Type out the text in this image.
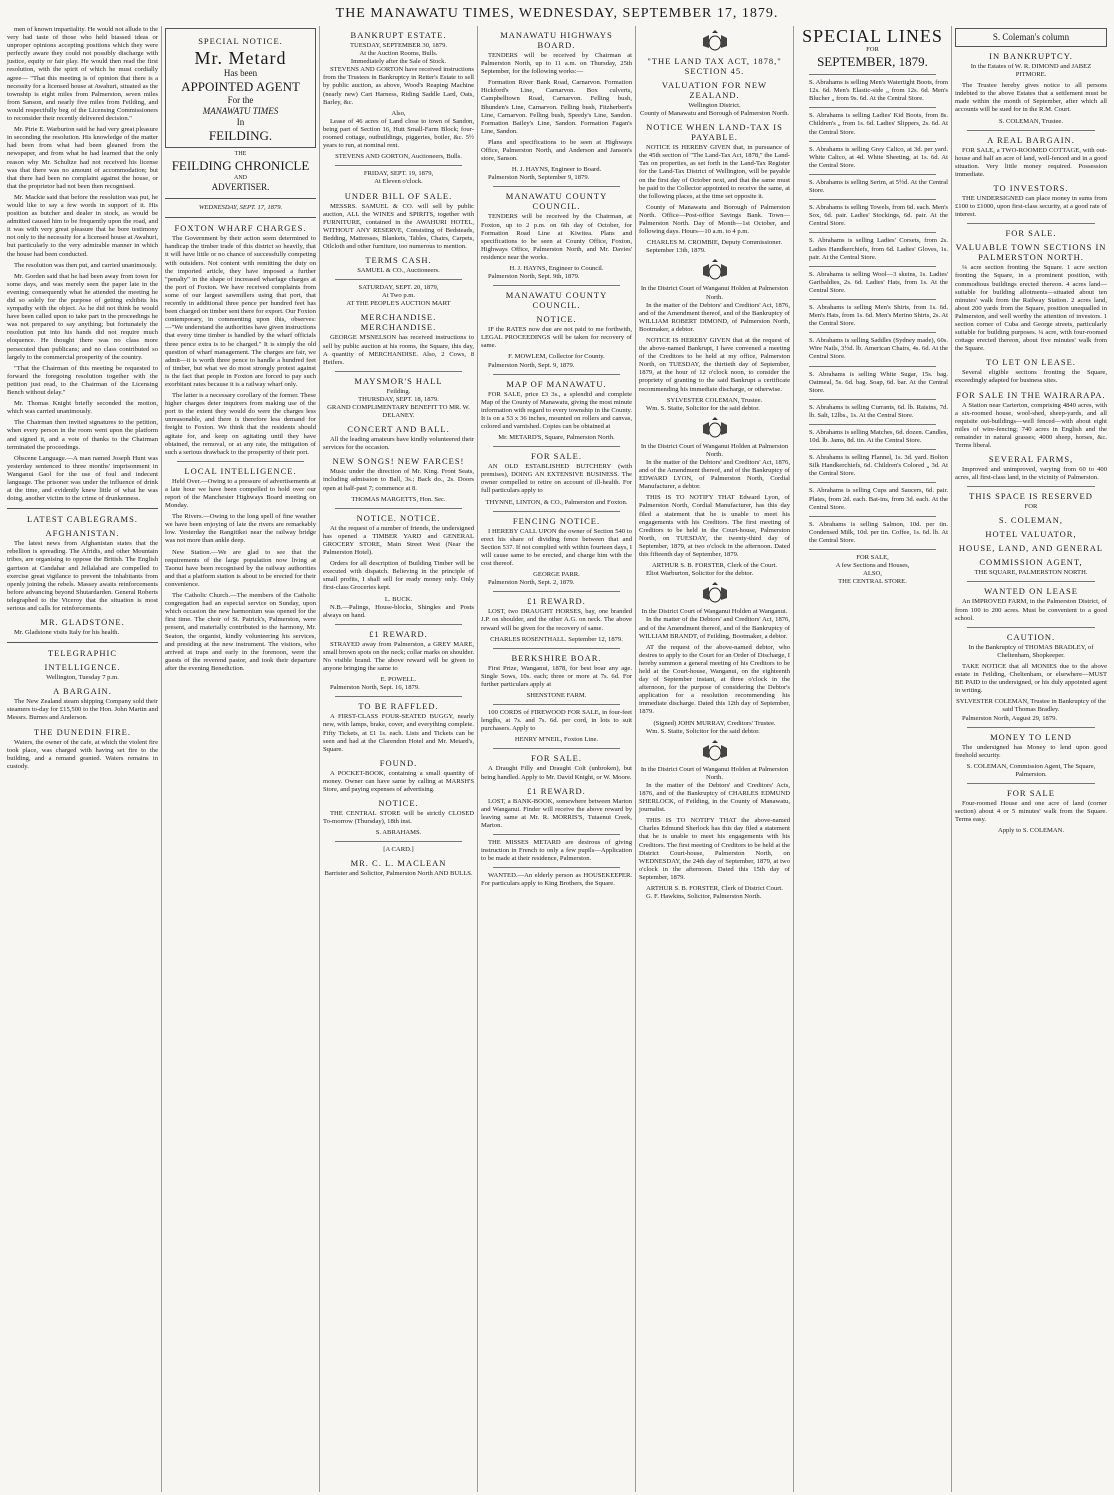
THE MANAWATU TIMES, WEDNESDAY, SEPTEMBER 17, 1879.

men of known impartiality. He would not allude to the very bad taste of those who held biassed ideas or unproper opinions accepting positions which they were perfectly aware they could not possibly discharge with justice, equity or fair play. He would then read the first resolution, with the spirit of which he must cordially agree— "That this meeting is of opinion that there is a necessity for a licensed house at Awahuri, situated as the township is eight miles from Palmerston, seven miles from Sanson, and nearly five miles from Feilding, and would respectfully beg of the Licensing Commissioners to reconsider their recently delivered decision."

Mr. Pirie E. Warburton said he had very great pleasure in seconding the resolution. His knowledge of the matter had been from what had been gleaned from the newspaper, and from what he had learned that the only reason why Mr. Schultze had not received his license was that there was no amount of accommodation; but that there had been no complaint against the house, or that the proprietor had not been then recognised.

Mr. Mackie said that before the resolution was put, he would like to say a few words in support of it. His position as butcher and dealer in stock, as would be admitted caused him to be frequently upon the road, and it was with very great pleasure that he bore testimony not only to the necessity for a licensed house at Awahuri, but particularly to the very admirable manner in which the house had been conducted.

The resolution was then put, and carried unanimously.

Mr. Gorden said that he had been away from town for some days, and was merely seen the paper late in the evening; consequently what he attended the meeting he did so solely for the purpose of getting exhibits his sympathy with the object. As he did not think he would have been called upon to take part in the proceedings he was not prepared to say anything; but fortunately the resolution put into his hands did not require much eloquence. He thought there was no class more persecuted than publicans; and no class contributed so largely to the commercial prosperity of the country.

"That the Chairman of this meeting be requested to forward the foregoing resolution together with the petition just read, to the Chairman of the Licensing Bench without delay."

Mr. Thomas Knight briefly seconded the motion, which was carried unanimously.

The Chairman then invited signatures to the petition, when every person in the room went upon the platform and signed it, and a vote of thanks to the Chairman terminated the proceedings.

Obscene Language.—A man named Joseph Hunt was yesterday sentenced to three months' imprisonment in Wanganui Gaol for the use of foul and indecent language. The prisoner was under the influence of drink at the time, and evidently knew little of what he was doing, another victim to the crime of drunkenness.

LATEST CABLEGRAMS.
AFGHANISTAN.

The latest news from Afghanistan states that the rebellion is spreading. The Afridis, and other Mountain tribes, are organising to oppose the British. The English garrison at Candahar and Jellalabad are compelled to exercise great vigilance to prevent the inhabitants from openly joining the rebels. Massey awaits reinforcements before advancing beyond Shutardarden. General Roberts telegraphed to the Viceroy that the situation is most serious and calls for reinforcements.

MR. GLADSTONE.

Mr. Gladstone visits Italy for his health.

TELEGRAPHIC
INTELLIGENCE.

Wellington, Tuesday 7 p.m.

A BARGAIN.

The New Zealand steam shipping Company sold their steamers to-day for £15,500 to the Hon. John Martin and Messrs. Burnes and Anderson.

THE DUNEDIN FIRE.

Waters, the owner of the cafe, at which the violent fire took place, was charged with having set fire to the building, and a remand granted. Waters remains in custody.

SPECIAL NOTICE.
Mr. Metard
Has been
APPOINTED AGENT
For the
MANAWATU TIMES
In
FEILDING.
THE
FEILDING CHRONICLE
AND
ADVERTISER.
WEDNESDAY, SEPT. 17, 1879.
FOXTON WHARF CHARGES.

The Government by their action seem determined to handicap the timber trade of this district so heavily, that it will have little or no chance of successfully competing with outsiders. Not content with remitting the duty on the imported article, they have imposed a further "penalty" in the shape of increased wharfage charges at the port of Foxton. We have received complaints from some of our largest sawmillers using that port, that recently in additional three pence per hundred feet has been charged on timber sent there for export. Our Foxton contemporary, in commenting upon this, observes:—"We understand the authorities have given instructions that every time timber is handled by the wharf officials three pence extra is to be charged." It is simply the old question of wharf management. The charges are fair, we admit—it is worth three pence to handle a hundred feet of timber, but what we do most strongly protest against is the fact that people in Foxton are forced to pay such exorbitant rates because it is a railway wharf only.

The latter is a necessary corollary of the former. These higher charges deter inquirers from making use of the port to the extent they would do were the charges less unreasonable, and there is therefore less demand for freight to Foxton. We think that the residents should agitate for, and keep on agitating until they have obtained, the removal, or at any rate, the mitigation of such a serious drawback to the prosperity of their port.

LOCAL INTELLIGENCE.

Held Over.—Owing to a pressure of advertisements at a late hour we have been compelled to hold over our report of the Manchester Highways Board meeting on Monday.

The Rivers.—Owing to the long spell of fine weather we have been enjoying of late the rivers are remarkably low. Yesterday the Rangitikei near the railway bridge was not more than ankle deep.

New Station.—We are glad to see that the requirements of the large population now living at Taonui have been recognised by the railway authorities and that a platform station is about to be erected for their convenience.

The Catholic Church.—The members of the Catholic congregation had an especial service on Sunday, upon which occasion the new harmonium was opened for the first time. The choir of St. Patrick's, Palmerston, were present, and materially contributed to the harmony, Mr. Seaton, the organist, kindly volunteering his services, and presiding at the new instrument. The visitors, who arrived at traps and early in the forenoon, were the guests of the reverend pastor, and took their departure after the evening Benediction.

BANKRUPT ESTATE.
TUESDAY, SEPTEMBER 30, 1879.
At the Auction Rooms, Bulls.
Immediately after the Sale of Stock.

STEVENS AND GORTON have received instructions from the Trustees in Bankruptcy in Retter's Estate to sell by public auction, as above, Wood's Reaping Machine (nearly new) Cart Harness, Riding Saddle Lard, Oats, Barley, &c.

Also,

Lease of 46 acres of Land close to town of Sandon, being part of Section 16, Hutt Small-Farm Block; four-roomed cottage, outbuildings, piggeries, boiler, &c. 5½ years to run, at nominal rent.

STEVENS AND GORTON, Auctioneers, Bulls.
FRIDAY, SEPT. 19, 1879,
At Eleven o'clock.
UNDER BILL OF SALE.

MESSRS. SAMUEL & CO. will sell by public auction, ALL the WINES and SPIRITS, together with FURNITURE, contained in the AWAHURI HOTEL, WITHOUT ANY RESERVE, Consisting of Bedsteads, Bedding, Mattresses, Blankets, Tables, Chairs, Carpets, Oilcloth and other furniture, too numerous to mention.

TERMS CASH.
SAMUEL & CO., Auctioneers.
SATURDAY, SEPT. 20, 1879,
At Two p.m.
AT THE PEOPLE'S AUCTION MART
MERCHANDISE. MERCHANDISE.

GEORGE M'SNELSON has received instructions to sell by public auction at his rooms, the Square, this day, A quantity of MERCHANDISE. Also, 2 Cows, 8 Heifers.

MAYSMOR'S HALL
Feilding.
THURSDAY, SEPT. 18, 1879.
GRAND COMPLIMENTARY BENEFIT TO MR. W. DELANEY.
CONCERT AND BALL.

All the leading amateurs have kindly volunteered their services for the occasion.

NEW SONGS! NEW FARCES!

Music under the direction of Mr. King. Front Seats, including admission to Ball, 3s.; Back do., 2s. Doors open at half-past 7; commence at 8.

THOMAS MARGETTS, Hon. Sec.
NOTICE. NOTICE.

At the request of a number of friends, the undersigned has opened a TIMBER YARD and GENERAL GROCERY STORE, Main Street West (Near the Palmerston Hotel).

Orders for all description of Building Timber will be executed with dispatch. Believing in the principle of small profits, I shall sell for ready money only. Only first-class Groceries kept.

L. BUCK.

N.B.—Palings, House-blocks, Shingles and Posts always on hand.

£1 REWARD.

STRAYED away from Palmerston, a GREY MARE, small brown spots on the neck; collar marks on shoulder. No visible brand. The above reward will be given to anyone bringing the same to

E. POWELL.

Palmerston North, Sept. 16, 1879.

TO BE RAFFLED.

A FIRST-CLASS FOUR-SEATED BUGGY, nearly new, with lamps, brake, cover, and everything complete. Fifty Tickets, at £1 1s. each. Lists and Tickets can be seen and had at the Clarendon Hotel and Mr. Metard's, Square.

FOUND.

A POCKET-BOOK, containing a small quantity of money. Owner can have same by calling at MARSH'S Store, and paying expenses of advertising.

NOTICE.

THE CENTRAL STORE will be strictly CLOSED To-morrow (Thursday), 18th inst.

S. ABRAHAMS.
[A CARD.]
MR. C. L. MACLEAN
Barrister and Solicitor, Palmerston North AND BULLS.
MANAWATU HIGHWAYS BOARD.

TENDERS will be received by Chairman at Palmerston North, up to 11 a.m. on Thursday, 25th September, for the following works:—

Formation River Bank Road, Carnarvon. Formation Hickford's Line, Carnarvon. Box culverts, Campbelltown Road, Carnarvon. Felling bush, Bhunden's Line, Carnarvon. Felling bush, Fitzherbert's Line, Carnarvon. Felling bush, Speedy's Line, Sandon. Formation Bailey's Line, Sandon. Formation Fagan's Line, Sandon.

Plans and specifications to be seen at Highways Office, Palmerston North, and Anderson and Janson's store, Sanson.

H. J. HAYNS, Engineer to Board.

Palmerston North, September 9, 1879.

MANAWATU COUNTY COUNCIL.

TENDERS will be received by the Chairman, at Foxton, up to 2 p.m. on 6th day of October, for Formation Road Line at Kiwitea. Plans and specifications to be seen at County Office, Foxton, Highways Office, Palmerston North, and Mr. Davies' residence near the works.

H. J. HAYNS, Engineer to Council.

Palmerston North, Sept. 9th, 1879.

MANAWATU COUNTY COUNCIL.
NOTICE.

IF the RATES now due are not paid to me forthwith, LEGAL PROCEEDINGS will be taken for recovery of same.

F. MOWLEM, Collector for County.

Palmerston North, Sept. 9, 1879.

MAP OF MANAWATU.

FOR SALE, price £3 3s., a splendid and complete Map of the County of Manawatu, giving the most minute information with regard to every township in the County. It is on a 53 x 36 inches, mounted on rollers and canvas, colored and varnished. Copies can be obtained at

Mr. METARD'S, Square, Palmerston North.
FOR SALE.

AN OLD ESTABLISHED BUTCHERY (with premises), DOING AN EXTENSIVE BUSINESS. The owner compelled to retire on account of ill-health. For full particulars apply to

THYNNE, LINTON, & CO., Palmerston and Foxton.
FENCING NOTICE.

I HEREBY CALL UPON the owner of Section 540 to erect his share of dividing fence between that and Section 537. If not complied with within fourteen days, I will cause same to be erected, and charge him with the cost thereof.

GEORGE PARR.

Palmerston North, Sept. 2, 1879.

£1 REWARD.

LOST, two DRAUGHT HORSES, bay, one branded J.P. on shoulder, and the other A.G. on neck. The above reward will be given for the recovery of same.

CHARLES ROSENTHALL. September 12, 1879.
BERKSHIRE BOAR.

First Prize, Wanganui, 1878, for best boar any age. Single Sows, 10s. each; three or more at 7s. 6d. For further particulars apply at

SHENSTONE FARM.

100 CORDS of FIREWOOD FOR SALE, in four-feet lengths, at 7s. and 7s. 6d. per cord, in lots to suit purchasers. Apply to

HENRY M'NEIL, Foxton Line.
FOR SALE.

A Draught Filly and Draught Colt (unbroken), but being handled. Apply to Mr. David Knight, or W. Moore.

£1 REWARD.

LOST, a BANK-BOOK, somewhere between Marton and Wanganui. Finder will receive the above reward by leaving same at Mr. R. MORRIS'S, Tutaenui Creek, Marton.

THE MISSES METARD are desirous of giving instruction in French to only a few pupils—Application to be made at their residence, Palmerston.

WANTED.—An elderly person as HOUSEKEEPER. For particulars apply to King Brothers, the Square.

"THE LAND TAX ACT, 1878," SECTION 45.
VALUATION FOR NEW ZEALAND.
Wellington District.
County of Manawatu and Borough of Palmerston North.
NOTICE WHEN LAND-TAX IS PAYABLE.

NOTICE IS HEREBY GIVEN that, in pursuance of the 45th section of "The Land-Tax Act, 1878," the Land-Tax on properties, as set forth in the Land-Tax Register for the Land-Tax District of Wellington, will be payable on the first day of October next, and that the same must be paid to the Collector appointed to receive the same, at the following places, at the time set opposite it.

County of Manawatu and Borough of Palmerston North. Office—Post-office Savings Bank. Town—Palmerston North. Day of Month—1st October, and following days. Hours—10 a.m. to 4 p.m.

CHARLES M. CROMBIE, Deputy Commissioner.

September 13th, 1879.

In the District Court of Wanganui Holden at Palmerston North.

In the matter of the Debtors' and Creditors' Act, 1876, and of the Amendment thereof, and of the Bankruptcy of WILLIAM ROBERT DIMOND, of Palmerston North, Bootmaker, a debtor.

NOTICE IS HEREBY GIVEN that at the request of the above-named Bankrupt, I have convened a meeting of the Creditors to be held at my office, Palmerston North, on TUESDAY, the thirtieth day of September, 1879, at the hour of 12 o'clock noon, to consider the propriety of granting to the said Bankrupt a certificate recommending his immediate discharge, or otherwise.

SYLVESTER COLEMAN, Trustee.

Wm. S. Staite, Solicitor for the said debtor.

In the District Court of Wanganui Holden at Palmerston North.

In the matter of the Debtors' and Creditors' Act, 1876, and of the Amendment thereof, and of the Bankruptcy of EDWARD LYON, of Palmerston North, Cordial Manufacturer, a debtor.

THIS IS TO NOTIFY THAT Edward Lyon, of Palmerston North, Cordial Manufacturer, has this day filed a statement that he is unable to meet his engagements with his Creditors. The first meeting of Creditors to be held in the Court-house, Palmerston North, on TUESDAY, the twenty-third day of September, 1879, at two o'clock in the afternoon. Dated this fifteenth day of September, 1879.

ARTHUR S. B. FORSTER, Clerk of the Court.

Eliot Warburton, Solicitor for the debtor.

In the District Court of Wanganui Holden at Wanganui.

In the matter of the Debtors' and Creditors' Act, 1876, and of the Amendment thereof, and of the Bankruptcy of WILLIAM BRANDT, of Feilding, Bootmaker, a debtor.

AT the request of the above-named debtor, who desires to apply to the Court for an Order of Discharge, I hereby summon a general meeting of his Creditors to be held at the Court-house, Wanganui, on the eighteenth day of September instant, at three o'clock in the afternoon, for the purpose of considering the Debtor's application for a resolution recommending his immediate discharge. Dated this 12th day of September, 1879.

(Signed) JOHN MURRAY, Creditors' Trustee.

Wm. S. Staite, Solicitor for the said debtor.

In the District Court of Wanganui Holden at Palmerston North.

In the matter of the Debtors' and Creditors' Acts, 1876, and of the Bankruptcy of CHARLES EDMUND SHERLOCK, of Feilding, in the County of Manawatu, journalist.

THIS IS TO NOTIFY THAT the above-named Charles Edmund Sherlock has this day filed a statement that he is unable to meet his engagements with his Creditors. The first meeting of Creditors to be held at the District Court-house, Palmerston North, on WEDNESDAY, the 24th day of September, 1879, at two o'clock in the afternoon. Dated this 15th day of September, 1879.

ARTHUR S. B. FORSTER, Clerk of District Court.

G. F. Hawkins, Solicitor, Palmerston North.

SPECIAL LINES
FOR
SEPTEMBER, 1879.

S. Abrahams is selling Men's Watertight Boots, from 12s. 6d. Men's Elastic-side „ from 12s. 6d. Men's Blucher „ from 9s. 6d. At the Central Store.

S. Abrahams is selling Ladies' Kid Boots, from 8s. Children's „ from 1s. 6d. Ladies' Slippers, 2s. 6d. At the Central Store.

S. Abrahams is selling Grey Calico, at 3d. per yard. White Calico, at 4d. White Sheeting, at 1s. 6d. At the Central Store.

S. Abrahams is selling Serim, at 5½d. At the Central Store.

S. Abrahams is selling Towels, from 6d. each. Men's Sox, 6d. pair. Ladies' Stockings, 6d. pair. At the Central Store.

S. Abrahams is selling Ladies' Corsets, from 2s. Ladies Handkerchiefs, from 6d. Ladies' Gloves, 1s. pair. At the Central Store.

S. Abrahams is selling Wool—3 skeins, 1s. Ladies' Garibaldies, 2s. 6d. Ladies' Hats, from 1s. At the Central Store.

S. Abrahams is selling Men's Shirts, from 1s. 6d. Men's Hats, from 1s. 6d. Men's Merino Shirts, 2s. At the Central Store.

S. Abrahams is selling Saddles (Sydney made), 60s. Wire Nails, 3½d. lb. American Chairs, 4s. 6d. At the Central Store.

S. Abrahams is selling White Sugar, 15s. bag. Oatmeal, 5s. 6d. bag. Soap, 6d. bar. At the Central Store.

S. Abrahams is selling Currants, 6d. lb. Raisins, 7d. lb. Salt, 12lbs., 1s. At the Central Store.

S. Abrahams is selling Matches, 6d. dozen. Candles, 10d. lb. Jams, 8d. tin. At the Central Store.

S. Abrahams is selling Flannel, 1s. 3d. yard. Bolton Silk Handkerchiefs, 6d. Children's Colored „ 3d. At the Central Store.

S. Abrahams is selling Cups and Saucers, 6d. pair. Plates, from 2d. each. Bat-ins, from 3d. each. At the Central Store.

S. Abrahams is selling Salmon, 10d. per tin. Condensed Milk, 10d. per tin. Coffee, 1s. 6d. lb. At the Central Store.

FOR SALE,
A few Sections and Houses,
ALSO,
THE CENTRAL STORE.
S. Coleman's column
IN BANKRUPTCY.

In the Estates of W. R. DIMOND and JABEZ PITMORE.

The Trustee hereby gives notice to all persons indebted to the above Estates that a settlement must be made within the month of September, after which all accounts will be sued for in the R.M. Court.

S. COLEMAN, Trustee.
A REAL BARGAIN.

FOR SALE, a TWO-ROOMED COTTAGE, with out-house and half an acre of land, well-fenced and in a good situation. Very little money required. Possession immediate.

TO INVESTORS.

THE UNDERSIGNED can place money in sums from £100 to £1000, upon first-class security, at a good rate of interest.

FOR SALE.
VALUABLE TOWN SECTIONS IN PALMERSTON NORTH.

¼ acre section fronting the Square. 1 acre section fronting the Square, in a prominent position, with commodious buildings erected thereon. 4 acres land—suitable for building allotments—situated about ten minutes' walk from the Railway Station. 2 acres land, about 200 yards from the Square, position unequalled in Palmerston, and well worthy the attention of investors. 1 section corner of Cuba and George streets, particularly suitable for building purposes. ¼ acre, with four-roomed cottage erected thereon, about five minutes' walk from the Square.

TO LET ON LEASE.

Several eligible sections fronting the Square, exceedingly adapted for business sites.

FOR SALE IN THE WAIRARAPA.

A Station near Carterton, comprising 4840 acres, with a six-roomed house, wool-shed, sheep-yards, and all requisite out-buildings—well fenced—with about eight miles of wire-fencing; 740 acres in English and the remainder in natural grasses; 4000 sheep, horses, &c. Terms liberal.

SEVERAL FARMS,

Improved and unimproved, varying from 60 to 400 acres, all first-class land, in the vicinity of Palmerston.

THIS SPACE IS RESERVED
FOR
S. COLEMAN,
HOTEL VALUATOR,
HOUSE, LAND, AND GENERAL
COMMISSION AGENT,
THE SQUARE, PALMERSTON NORTH.
WANTED ON LEASE

An IMPROVED FARM, in the Palmerston District, of from 100 to 200 acres. Must be convenient to a good school.

CAUTION.

In the Bankruptcy of THOMAS BRADLEY, of Cheltenham, Shopkeeper.

TAKE NOTICE that all MONIES due to the above estate in Feilding, Cheltenham, or elsewhere—MUST BE PAID to the undersigned, or his duly appointed agent in writing.

SYLVESTER COLEMAN, Trustee in Bankruptcy of the said Thomas Bradley.

Palmerston North, August 29, 1879.

MONEY TO LEND

The undersigned has Money to lend upon good freehold security.

S. COLEMAN, Commission Agent, The Square, Palmerston.
FOR SALE

Four-roomed House and one acre of land (corner section) about 4 or 5 minutes' walk from the Square. Terms easy.

Apply to S. COLEMAN.
